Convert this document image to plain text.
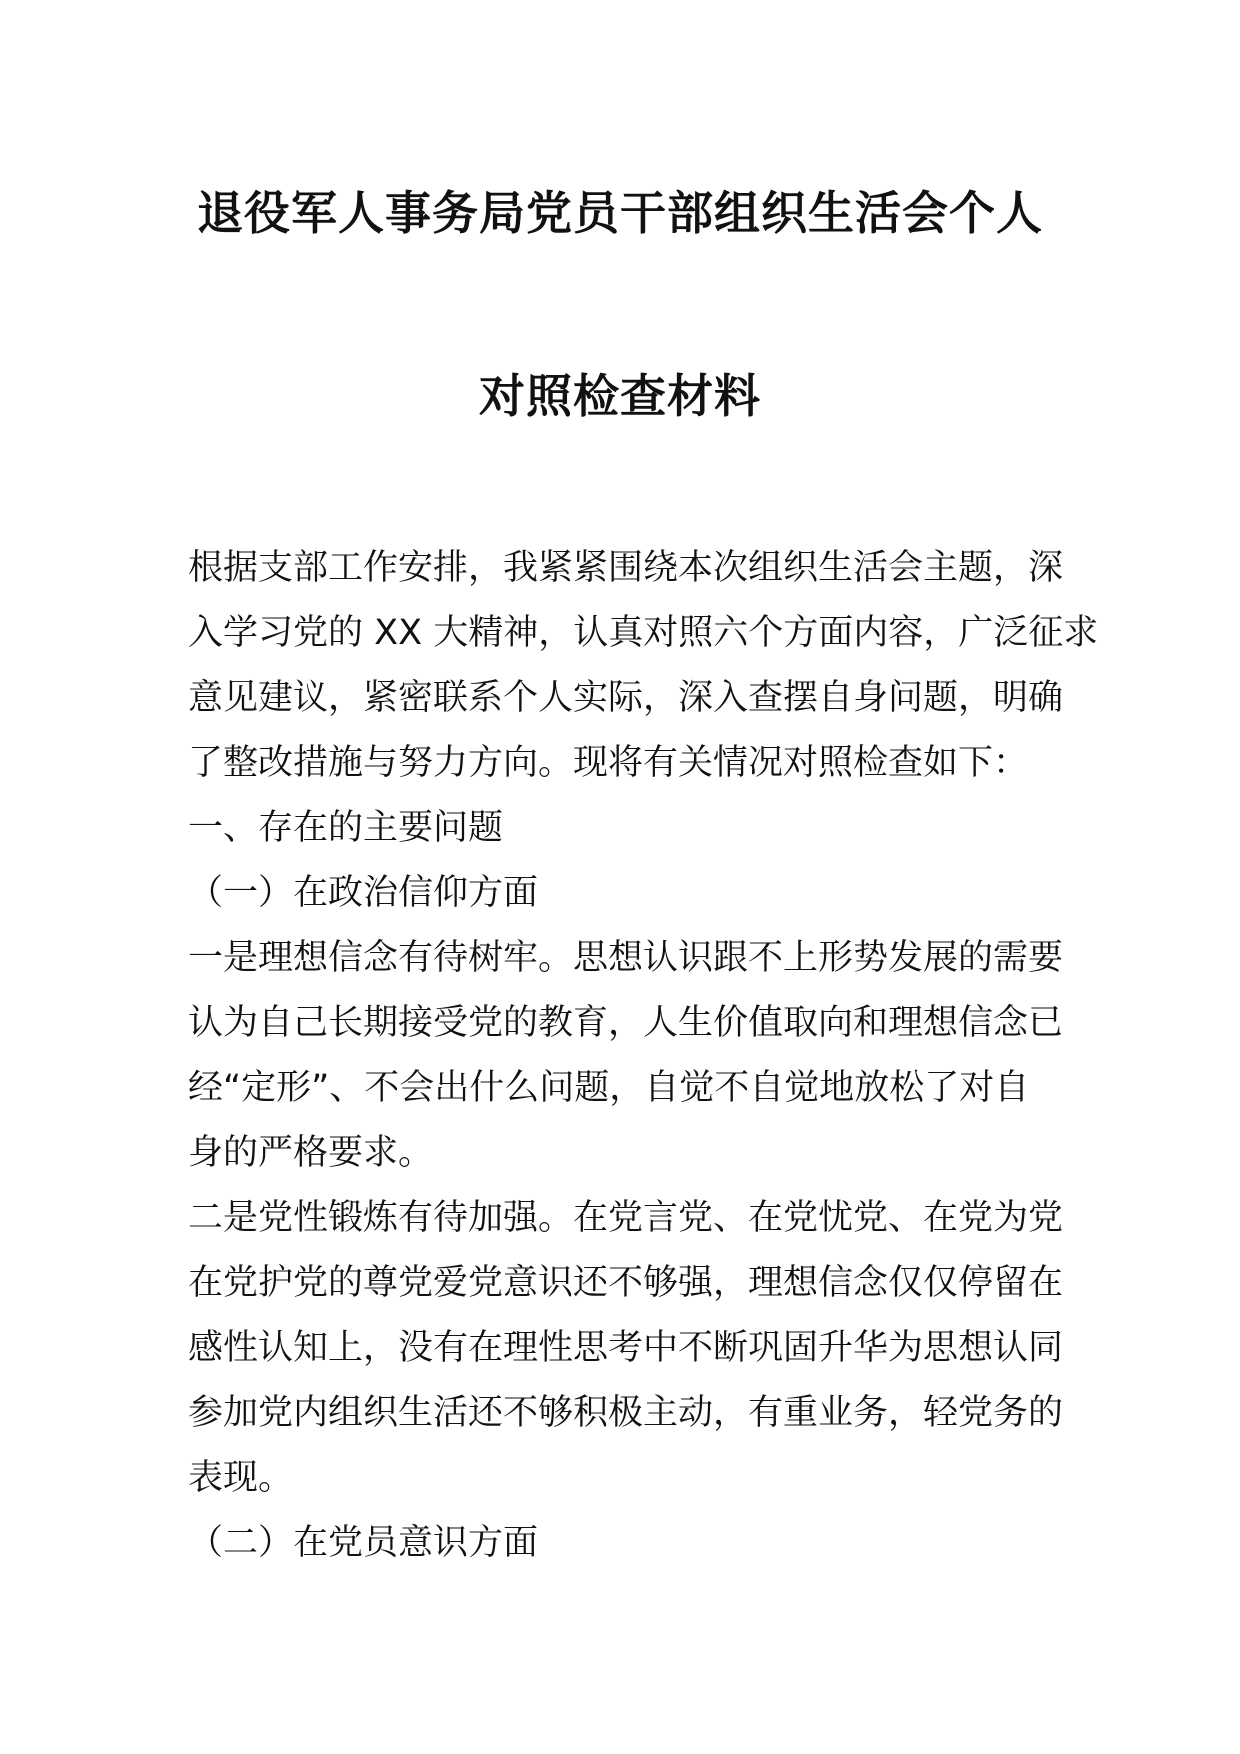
退役军人事务局党员干部组织生活会个人
对照检查材料
根据支部工作安排，我紧紧围绕本次组织生活会主题，深
入学习党的 XX 大精神，认真对照六个方面内容，广泛征求
意见建议，紧密联系个人实际，深入查摆自身问题，明确
了整改措施与努力方向。现将有关情况对照检查如下：
一、存在的主要问题
（一）在政治信仰方面
一是理想信念有待树牢。思想认识跟不上形势发展的需要
认为自己长期接受党的教育，人生价值取向和理想信念已
经“定形”、不会出什么问题，自觉不自觉地放松了对自
身的严格要求。
二是党性锻炼有待加强。在党言党、在党忧党、在党为党
在党护党的尊党爱党意识还不够强，理想信念仅仅停留在
感性认知上，没有在理性思考中不断巩固升华为思想认同
参加党内组织生活还不够积极主动，有重业务，轻党务的
表现。
（二）在党员意识方面
